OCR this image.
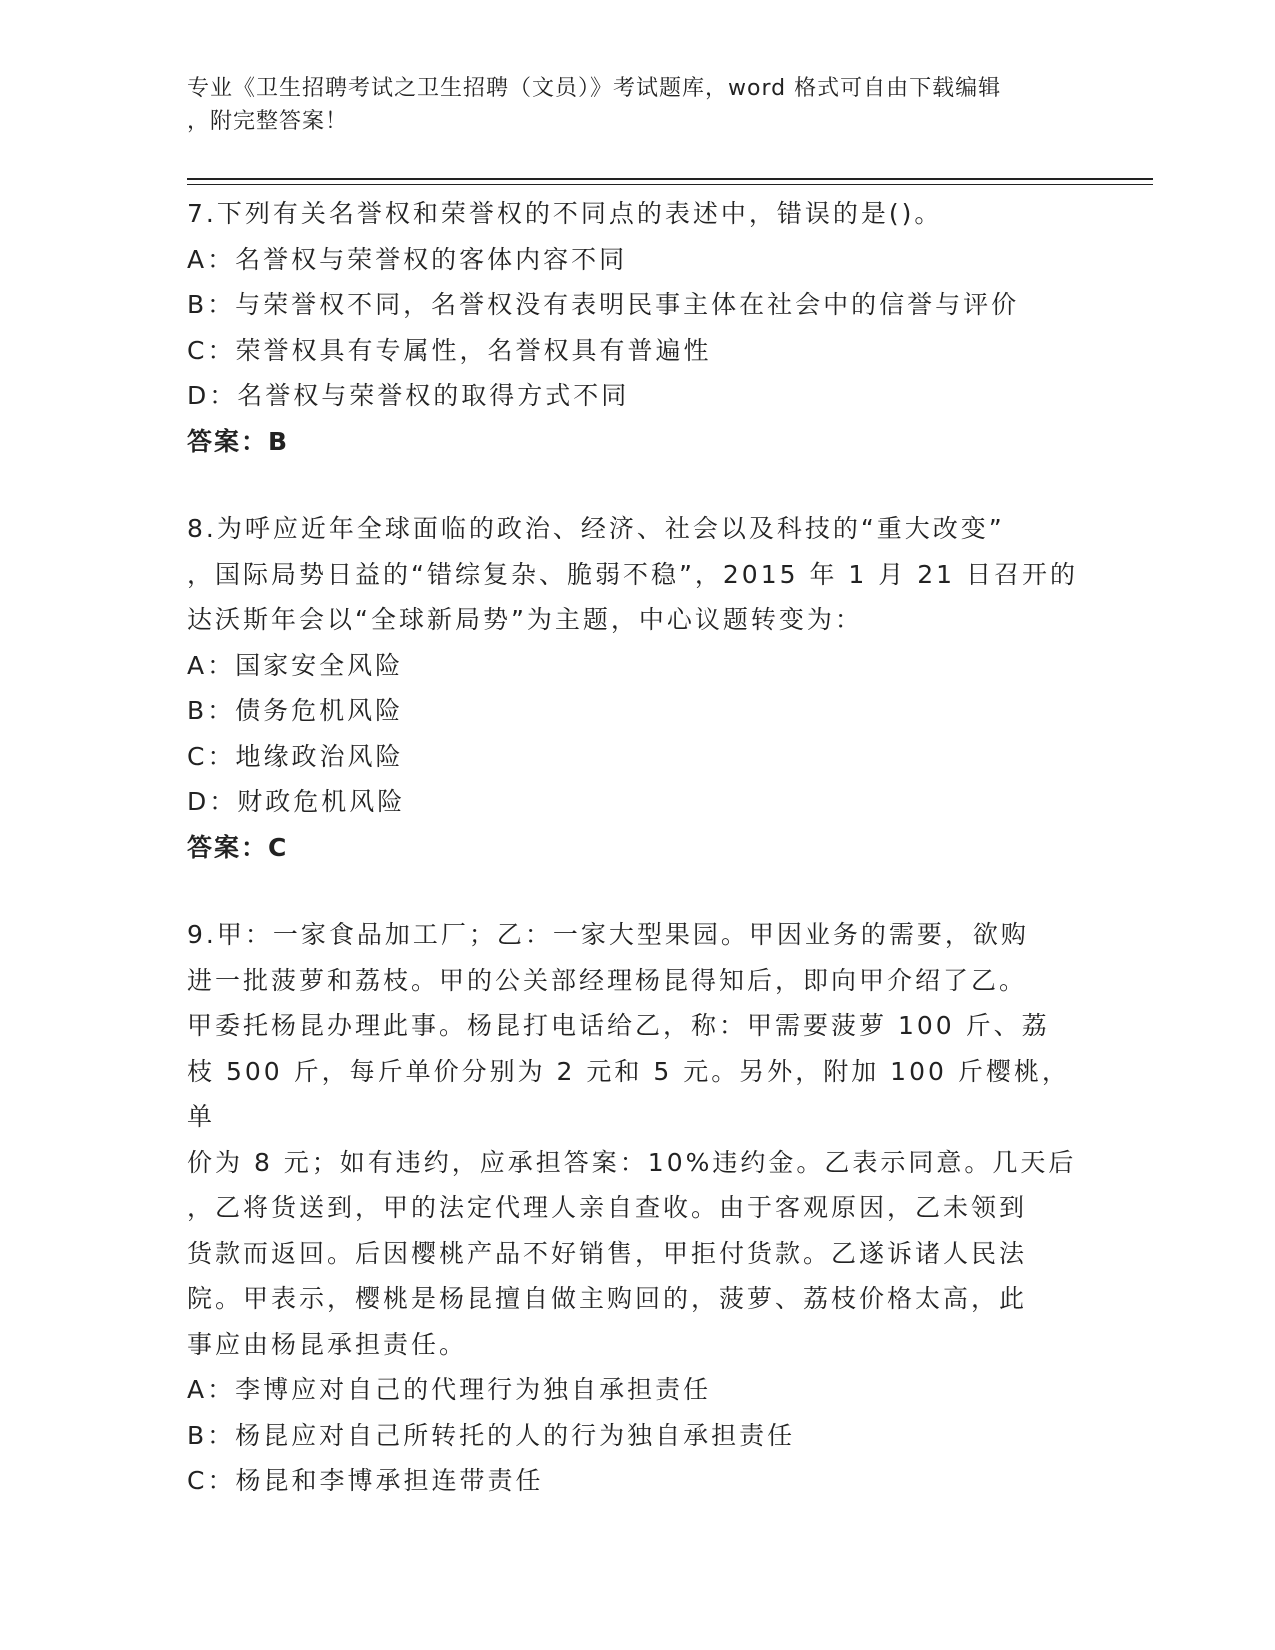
专业《卫生招聘考试之卫生招聘（文员）》考试题库，word 格式可自由下载编辑
，附完整答案！
7.下列有关名誉权和荣誉权的不同点的表述中，错误的是()。
A：名誉权与荣誉权的客体内容不同
B：与荣誉权不同，名誉权没有表明民事主体在社会中的信誉与评价
C：荣誉权具有专属性，名誉权具有普遍性
D：名誉权与荣誉权的取得方式不同
答案：B
8.为呼应近年全球面临的政治、经济、社会以及科技的“重大改变”
，国际局势日益的“错综复杂、脆弱不稳”，2015 年 1 月 21 日召开的
达沃斯年会以“全球新局势”为主题，中心议题转变为：
A：国家安全风险
B：债务危机风险
C：地缘政治风险
D：财政危机风险
答案：C
9.甲：一家食品加工厂；乙：一家大型果园。甲因业务的需要，欲购
进一批菠萝和荔枝。甲的公关部经理杨昆得知后，即向甲介绍了乙。
甲委托杨昆办理此事。杨昆打电话给乙，称：甲需要菠萝 100 斤、荔
枝 500 斤，每斤单价分别为 2 元和 5 元。另外，附加 100 斤樱桃，单
价为 8 元；如有违约，应承担答案：10%违约金。乙表示同意。几天后
，乙将货送到，甲的法定代理人亲自查收。由于客观原因，乙未领到
货款而返回。后因樱桃产品不好销售，甲拒付货款。乙遂诉诸人民法
院。甲表示，樱桃是杨昆擅自做主购回的，菠萝、荔枝价格太高，此
事应由杨昆承担责任。
A：李博应对自己的代理行为独自承担责任
B：杨昆应对自己所转托的人的行为独自承担责任
C：杨昆和李博承担连带责任
